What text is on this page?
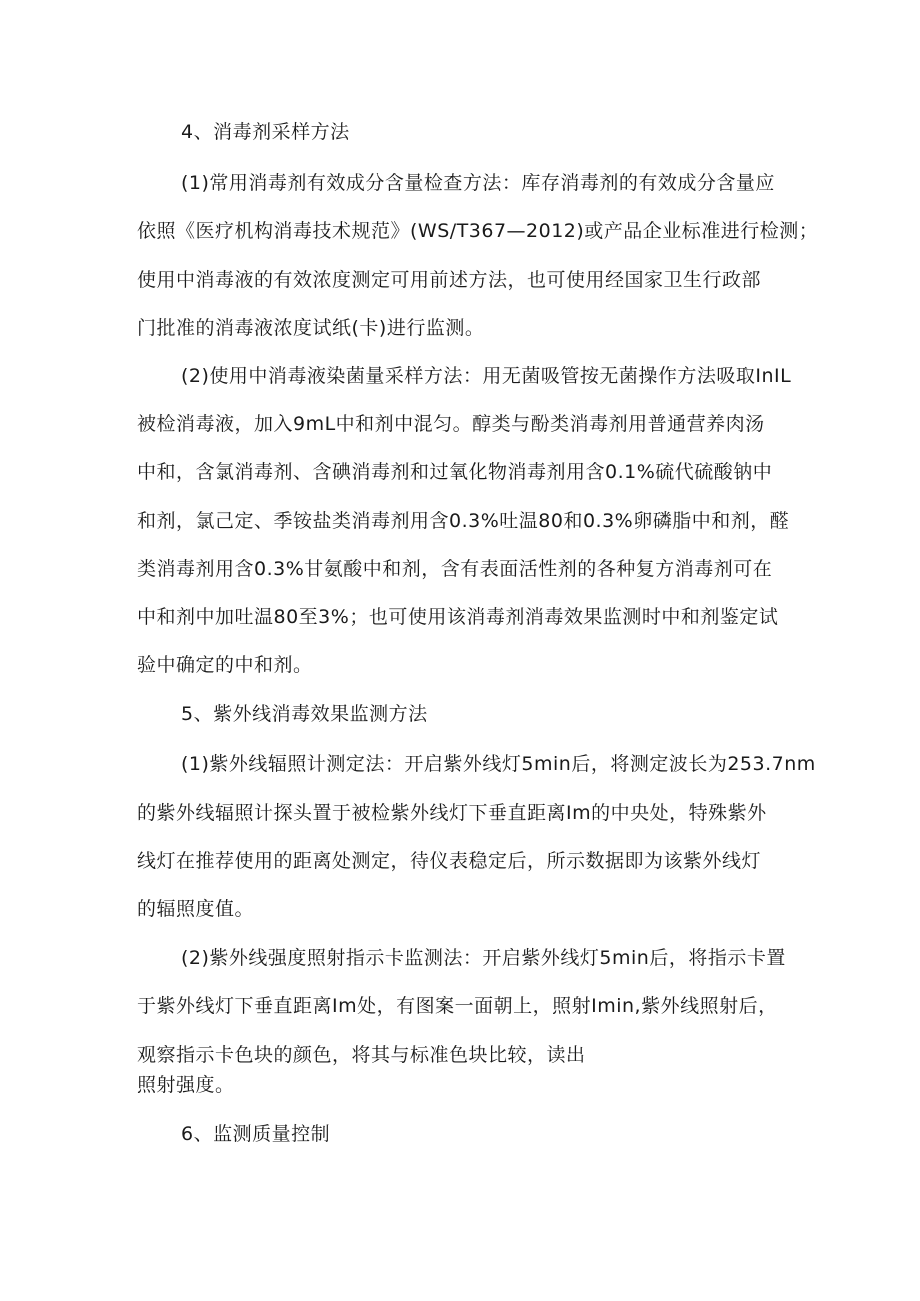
4、消毒剂采样方法
(1)常用消毒剂有效成分含量检查方法：库存消毒剂的有效成分含量应
依照《医疗机构消毒技术规范》(WS/T367—2012)或产品企业标准进行检测；
使用中消毒液的有效浓度测定可用前述方法，也可使用经国家卫生行政部
门批准的消毒液浓度试纸(卡)进行监测。
(2)使用中消毒液染菌量采样方法：用无菌吸管按无菌操作方法吸取InIL
被检消毒液，加入9mL中和剂中混匀。醇类与酚类消毒剂用普通营养肉汤
中和，含氯消毒剂、含碘消毒剂和过氧化物消毒剂用含0.1%硫代硫酸钠中
和剂，氯己定、季铵盐类消毒剂用含0.3%吐温80和0.3%卵磷脂中和剂，醛
类消毒剂用含0.3%甘氨酸中和剂，含有表面活性剂的各种复方消毒剂可在
中和剂中加吐温80至3%；也可使用该消毒剂消毒效果监测时中和剂鉴定试
验中确定的中和剂。
5、紫外线消毒效果监测方法
(1)紫外线辐照计测定法：开启紫外线灯5min后，将测定波长为253.7nm
的紫外线辐照计探头置于被检紫外线灯下垂直距离Im的中央处，特殊紫外
线灯在推荐使用的距离处测定，待仪表稳定后，所示数据即为该紫外线灯
的辐照度值。
(2)紫外线强度照射指示卡监测法：开启紫外线灯5min后，将指示卡置
于紫外线灯下垂直距离Im处，有图案一面朝上，照射Imin,紫外线照射后，
观察指示卡色块的颜色，将其与标准色块比较，读出
照射强度。
6、监测质量控制
